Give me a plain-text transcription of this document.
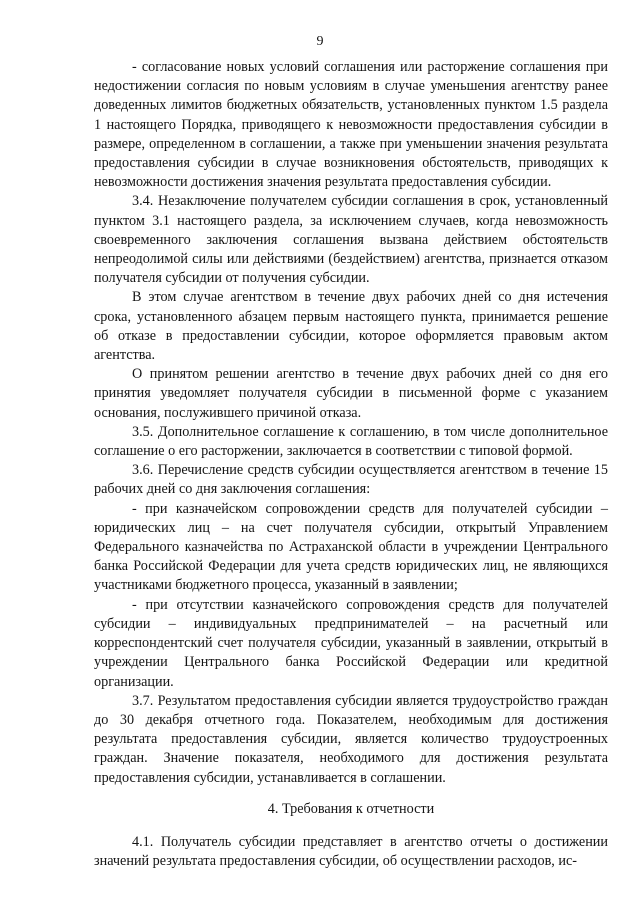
9

- согласование новых условий соглашения или расторжение соглашения при недостижении согласия по новым условиям в случае уменьшения агентству ранее доведенных лимитов бюджетных обязательств, установленных пунктом 1.5 раздела 1 настоящего Порядка, приводящего к невозможности предоставления субсидии в размере, определенном в соглашении, а также при уменьшении значения результата предоставления субсидии в случае возникновения обстоятельств, приводящих к невозможности достижения значения результата предоставления субсидии.

3.4. Незаключение получателем субсидии соглашения в срок, установленный пунктом 3.1 настоящего раздела, за исключением случаев, когда невозможность своевременного заключения соглашения вызвана действием обстоятельств непреодолимой силы или действиями (бездействием) агентства, признается отказом получателя субсидии от получения субсидии.

В этом случае агентством в течение двух рабочих дней со дня истечения срока, установленного абзацем первым настоящего пункта, принимается решение об отказе в предоставлении субсидии, которое оформляется правовым актом агентства.

О принятом решении агентство в течение двух рабочих дней со дня его принятия уведомляет получателя субсидии в письменной форме с указанием основания, послужившего причиной отказа.

3.5. Дополнительное соглашение к соглашению, в том числе дополнительное соглашение о его расторжении, заключается в соответствии с типовой формой.

3.6. Перечисление средств субсидии осуществляется агентством в течение 15 рабочих дней со дня заключения соглашения:

- при казначейском сопровождении средств для получателей субсидии – юридических лиц – на счет получателя субсидии, открытый Управлением Федерального казначейства по Астраханской области в учреждении Центрального банка Российской Федерации для учета средств юридических лиц, не являющихся участниками бюджетного процесса, указанный в заявлении;

- при отсутствии казначейского сопровождения средств для получателей субсидии – индивидуальных предпринимателей – на расчетный или корреспондентский счет получателя субсидии, указанный в заявлении, открытый в учреждении Центрального банка Российской Федерации или кредитной организации.

3.7. Результатом предоставления субсидии является трудоустройство граждан до 30 декабря отчетного года. Показателем, необходимым для достижения результата предоставления субсидии, является количество трудоустроенных граждан. Значение показателя, необходимого для достижения результата предоставления субсидии, устанавливается в соглашении.

4. Требования к отчетности

4.1. Получатель субсидии представляет в агентство отчеты о достижении значений результата предоставления субсидии, об осуществлении расходов, ис-
